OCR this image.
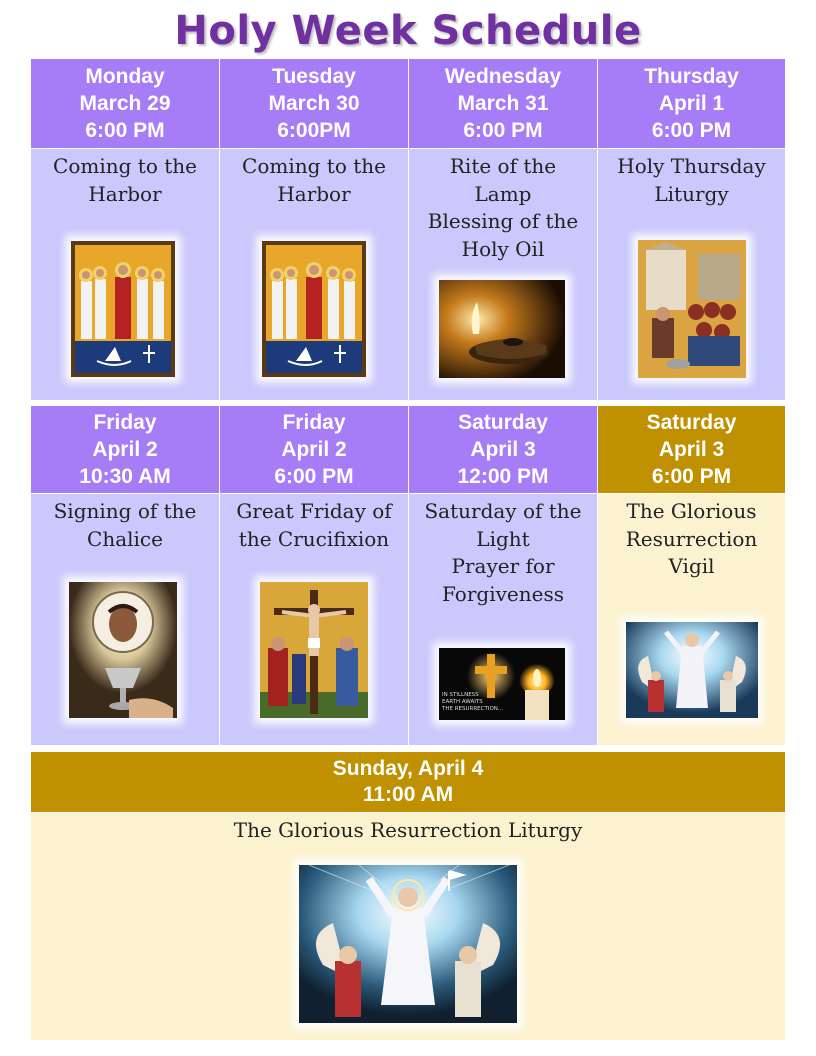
Holy Week Schedule
Monday
March 29
6:00 PM
Tuesday
March 30
6:00PM
Wednesday
March 31
6:00 PM
Thursday
April 1
6:00 PM
Coming to the
Harbor
Coming to the
Harbor
Rite of the
Lamp
Blessing of the
Holy Oil
Holy Thursday
Liturgy
Friday
April 2
10:30 AM
Friday
April 2
6:00 PM
Saturday
April 3
12:00 PM
Saturday
April 3
6:00 PM
Signing of the
Chalice
Great Friday of
the Crucifixion
Saturday of the
Light
Prayer for
Forgiveness
IN STILLNESS
EARTH AWAITS
THE RESURRECTION...
The Glorious
Resurrection
Vigil
Sunday, April 4
11:00 AM
The Glorious Resurrection Liturgy
